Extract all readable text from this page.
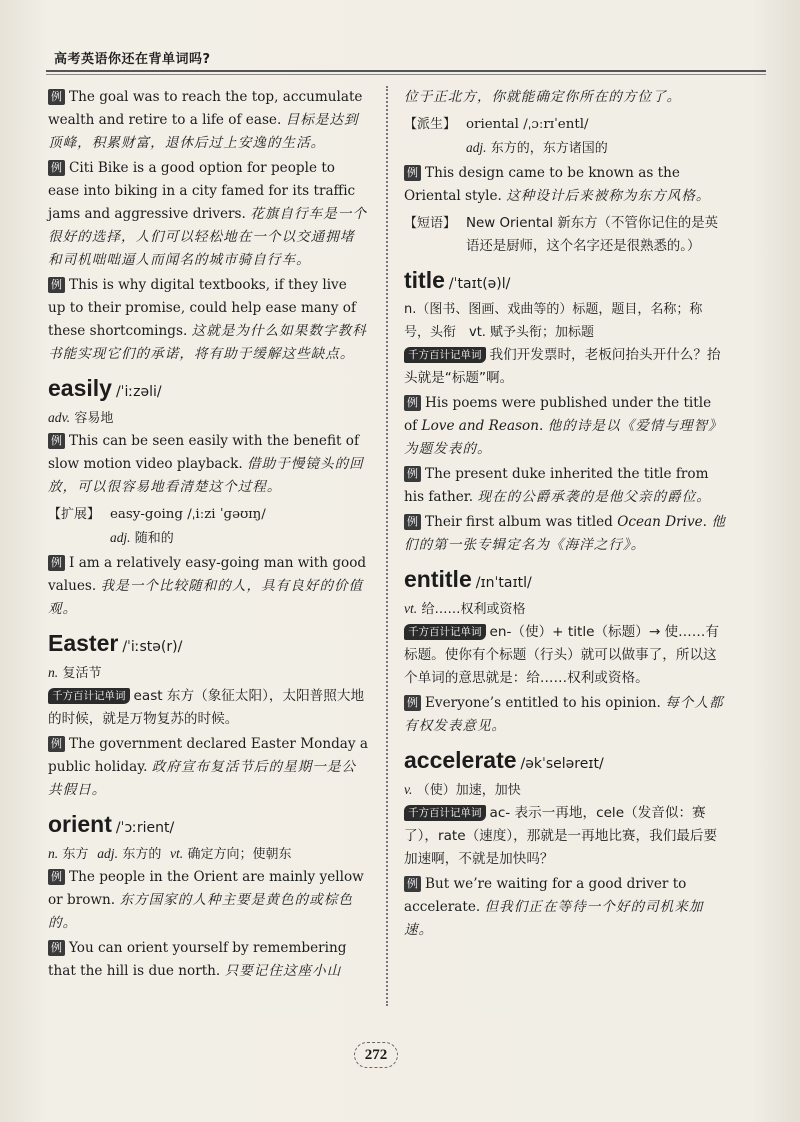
高考英语你还在背单词吗?

例 The goal was to reach the top, accumulate wealth and retire to a life of ease. 目标是达到顶峰，积累财富，退休后过上安逸的生活。

例 Citi Bike is a good option for people to ease into biking in a city famed for its traffic jams and aggressive drivers. 花旗自行车是一个很好的选择，人们可以轻松地在一个以交通拥堵和司机咄咄逼人而闻名的城市骑自行车。

例 This is why digital textbooks, if they live up to their promise, could help ease many of these shortcomings. 这就是为什么如果数字教科书能实现它们的承诺，将有助于缓解这些缺点。

easily /ˈiːzəli/
adv. 容易地

例 This can be seen easily with the benefit of slow motion video playback. 借助于慢镜头的回放，可以很容易地看清楚这个过程。

【扩展】 easy-going /ˌiːzi ˈɡəʊɪŋ/
adj. 随和的

例 I am a relatively easy-going man with good values. 我是一个比较随和的人，具有良好的价值观。

Easter /ˈiːstə(r)/
n. 复活节

千方百计记单词 east 东方（象征太阳），太阳普照大地的时候，就是万物复苏的时候。

例 The government declared Easter Monday a public holiday. 政府宣布复活节后的星期一是公共假日。

orient /ˈɔːrient/
n. 东方 adj. 东方的 vt. 确定方向；使朝东

例 The people in the Orient are mainly yellow or brown. 东方国家的人种主要是黄色的或棕色的。

例 You can orient yourself by remembering that the hill is due north. 只要记住这座小山

位于正北方，你就能确定你所在的方位了。

【派生】 oriental /ˌɔːrɪˈentl/
adj. 东方的，东方诸国的

例 This design came to be known as the Oriental style. 这种设计后来被称为东方风格。

【短语】 New Oriental 新东方（不管你记住的是英语还是厨师，这个名字还是很熟悉的。）
title /ˈtaɪt(ə)l/
n.（图书、图画、戏曲等的）标题，题目，名称；称号，头衔　vt. 赋予头衔；加标题

千方百计记单词 我们开发票时，老板问抬头开什么？抬头就是“标题”啊。

例 His poems were published under the title of Love and Reason. 他的诗是以《爱情与理智》为题发表的。

例 The present duke inherited the title from his father. 现在的公爵承袭的是他父亲的爵位。

例 Their first album was titled Ocean Drive. 他们的第一张专辑定名为《海洋之行》。

entitle /ɪnˈtaɪtl/
vt. 给……权利或资格

千方百计记单词 en-（使）+ title（标题）→ 使……有标题。使你有个标题（行头）就可以做事了，所以这个单词的意思就是：给……权利或资格。

例 Everyone’s entitled to his opinion. 每个人都有权发表意见。

accelerate /əkˈseləreɪt/
v. （使）加速，加快

千方百计记单词 ac- 表示一再地，cele（发音似：赛了），rate（速度），那就是一再地比赛，我们最后要加速啊，不就是加快吗？

例 But we’re waiting for a good driver to accelerate. 但我们正在等待一个好的司机来加速。

272
